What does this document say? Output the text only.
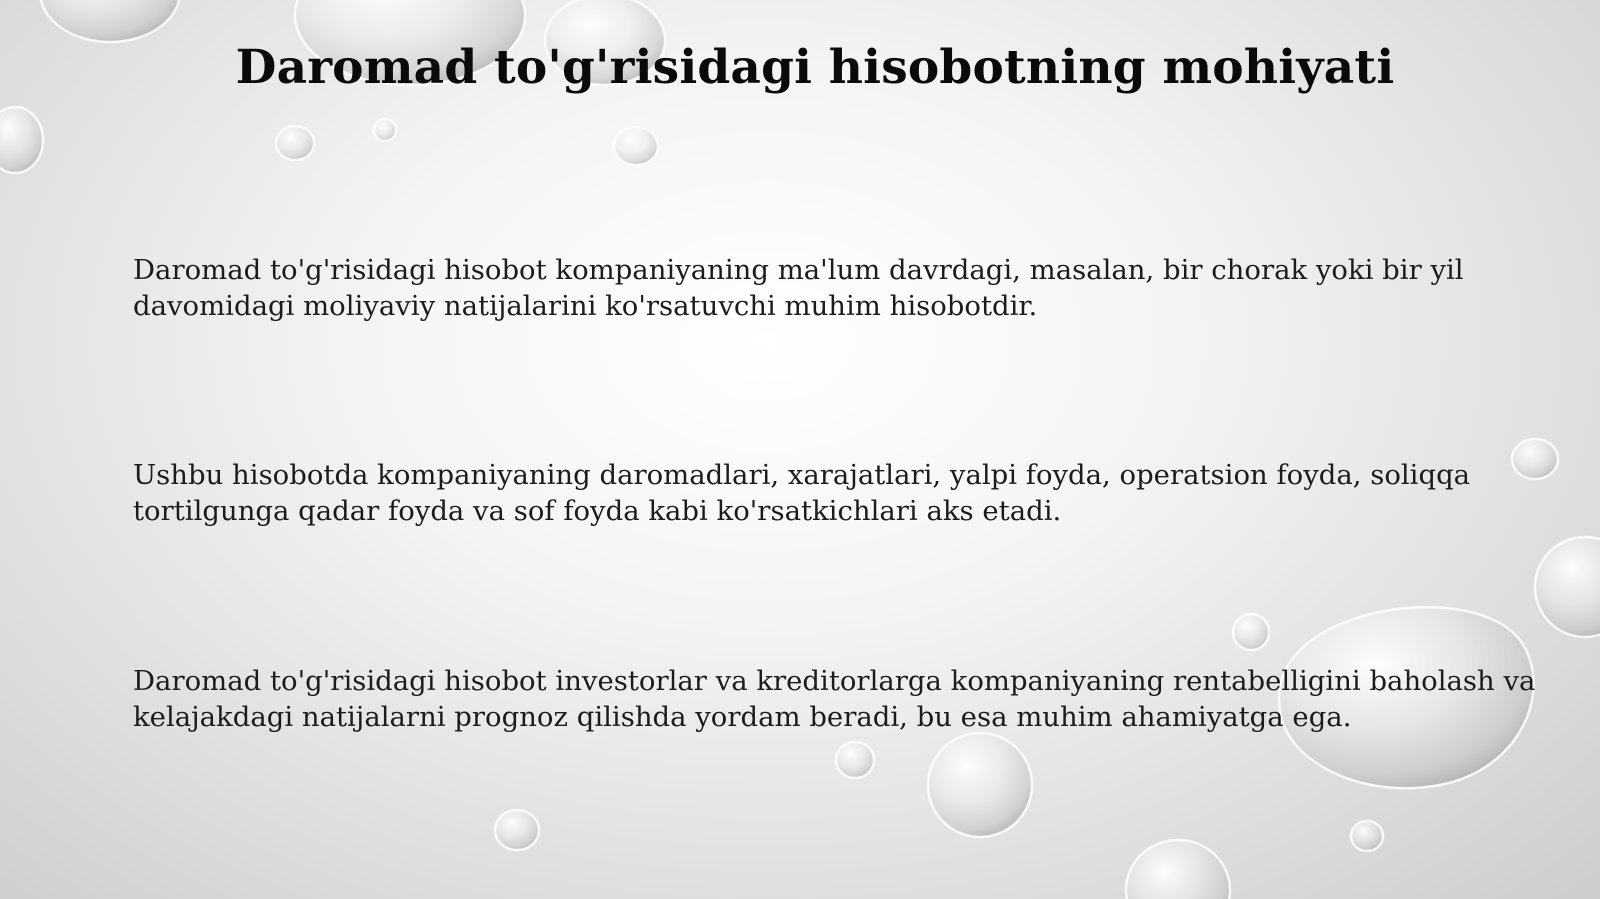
Daromad to'g'risidagi hisobotning mohiyati

Daromad to'g'risidagi hisobot kompaniyaning ma'lum davrdagi, masalan, bir chorak yoki bir yil davomidagi moliyaviy natijalarini ko'rsatuvchi muhim hisobotdir.

Ushbu hisobotda kompaniyaning daromadlari, xarajatlari, yalpi foyda, operatsion foyda, soliqqa tortilgunga qadar foyda va sof foyda kabi ko'rsatkichlari aks etadi.

Daromad to'g'risidagi hisobot investorlar va kreditorlarga kompaniyaning rentabelligini baholash va kelajakdagi natijalarni prognoz qilishda yordam beradi, bu esa muhim ahamiyatga ega.
